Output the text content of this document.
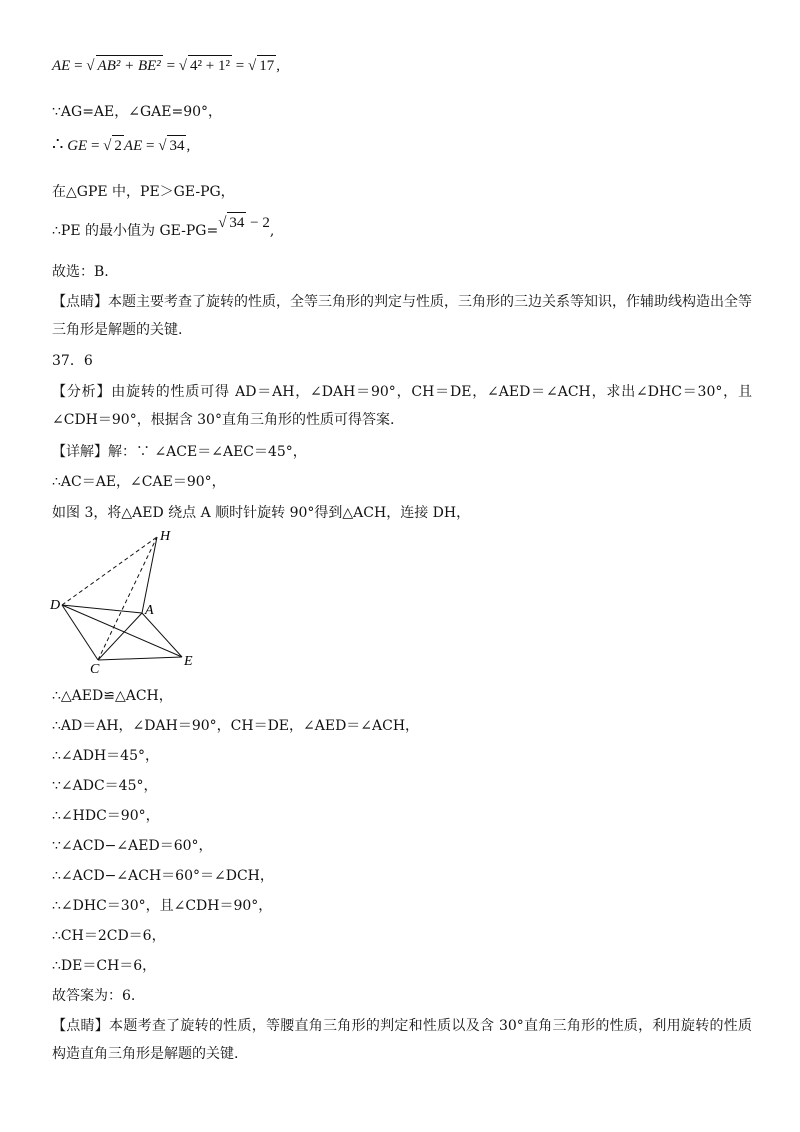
AE = √ AB² + BE² = √ 4² + 1² = √ 17 ,
∵AG=AE，∠GAE=90°，
∴ GE = √ 2 AE = √ 34 ,
在△GPE 中，PE＞GE-PG，
∴PE 的最小值为 GE-PG=√ 34 − 2,
故选：B.
【点睛】本题主要考查了旋转的性质，全等三角形的判定与性质，三角形的三边关系等知识，作辅助线构造出全等三角形是解题的关键.
37．6
【分析】由旋转的性质可得 AD＝AH，∠DAH＝90°，CH＝DE，∠AED＝∠ACH，求出∠DHC＝30°，且∠CDH＝90°，根据含 30°直角三角形的性质可得答案.
【详解】解：∵ ∠ACE＝∠AEC＝45°，
∴AC＝AE，∠CAE＝90°，
如图 3，将△AED 绕点 A 顺时针旋转 90°得到△ACH，连接 DH，
H
D	A
C
E
∴△AED≌△ACH，
∴AD＝AH，∠DAH＝90°，CH＝DE，∠AED＝∠ACH，
∴∠ADH＝45°，
∵∠ADC＝45°，
∴∠HDC＝90°，
∵∠ACD−∠AED＝60°，
∴∠ACD−∠ACH＝60°＝∠DCH，
∴∠DHC＝30°，且∠CDH＝90°，
∴CH＝2CD＝6，
∴DE＝CH＝6，
故答案为：6.
【点睛】本题考查了旋转的性质，等腰直角三角形的判定和性质以及含 30°直角三角形的性质，利用旋转的性质构造直角三角形是解题的关键.
